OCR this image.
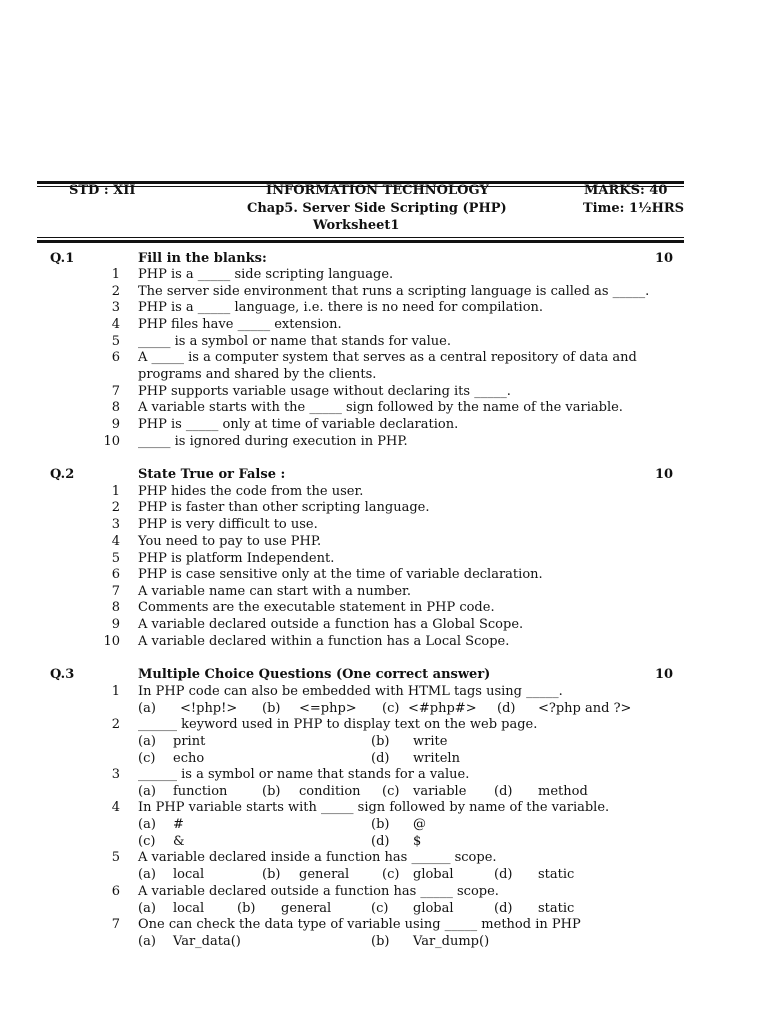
STD : XII	INFORMATION TECHNOLOGY	MARKS: 40
Chap5. Server Side Scripting (PHP)	Time: 1½HRS
Worksheet1
Q.1	Fill in the blanks:	10
1 PHP is a _____ side scripting language.
2 The server side environment that runs a scripting language is called as _____.
3 PHP is a _____ language, i.e. there is no need for compilation.
4 PHP files have _____ extension.
5 _____ is a symbol or name that stands for value.
6 A _____ is a computer system that serves as a central repository of data and
programs and shared by the clients.
7 PHP supports variable usage without declaring its _____.
8 A variable starts with the _____ sign followed by the name of the variable.
9 PHP is _____ only at time of variable declaration.
10 _____ is ignored during execution in PHP.
Q.2	State True or False :	10
1 PHP hides the code from the user.
2 PHP is faster than other scripting language.
3 PHP is very difficult to use.
4 You need to pay to use PHP.
5 PHP is platform Independent.
6 PHP is case sensitive only at the time of variable declaration.
7 A variable name can start with a number.
8 Comments are the executable statement in PHP code.
9 A variable declared outside a function has a Global Scope.
10 A variable declared within a function has a Local Scope.
Q.3	Multiple Choice Questions (One correct answer)	10
1 In PHP code can also be embedded with HTML tags using _____.
(a) <!php!> (b) <=php> (c) <#php#> (d) <?php and ?>
2 ______ keyword used in PHP to display text on the web page.
(a) print	(b) write
(c) echo	(d) writeln
3 ______ is a symbol or name that stands for a value.
(a) function	(b) condition (c) variable (d) method
4 In PHP variable starts with _____ sign followed by name of the variable.
(a) #	(b) @
(c) &	(d) $
5 A variable declared inside a function has ______ scope.
(a) local	(b) general	(c) global	(d) static
6 A variable declared outside a function has _____ scope.
(a) local	(b) general	(c) global	(d) static
7 One can check the data type of variable using _____ method in PHP
(a) Var_data()	(b) Var_dump()
